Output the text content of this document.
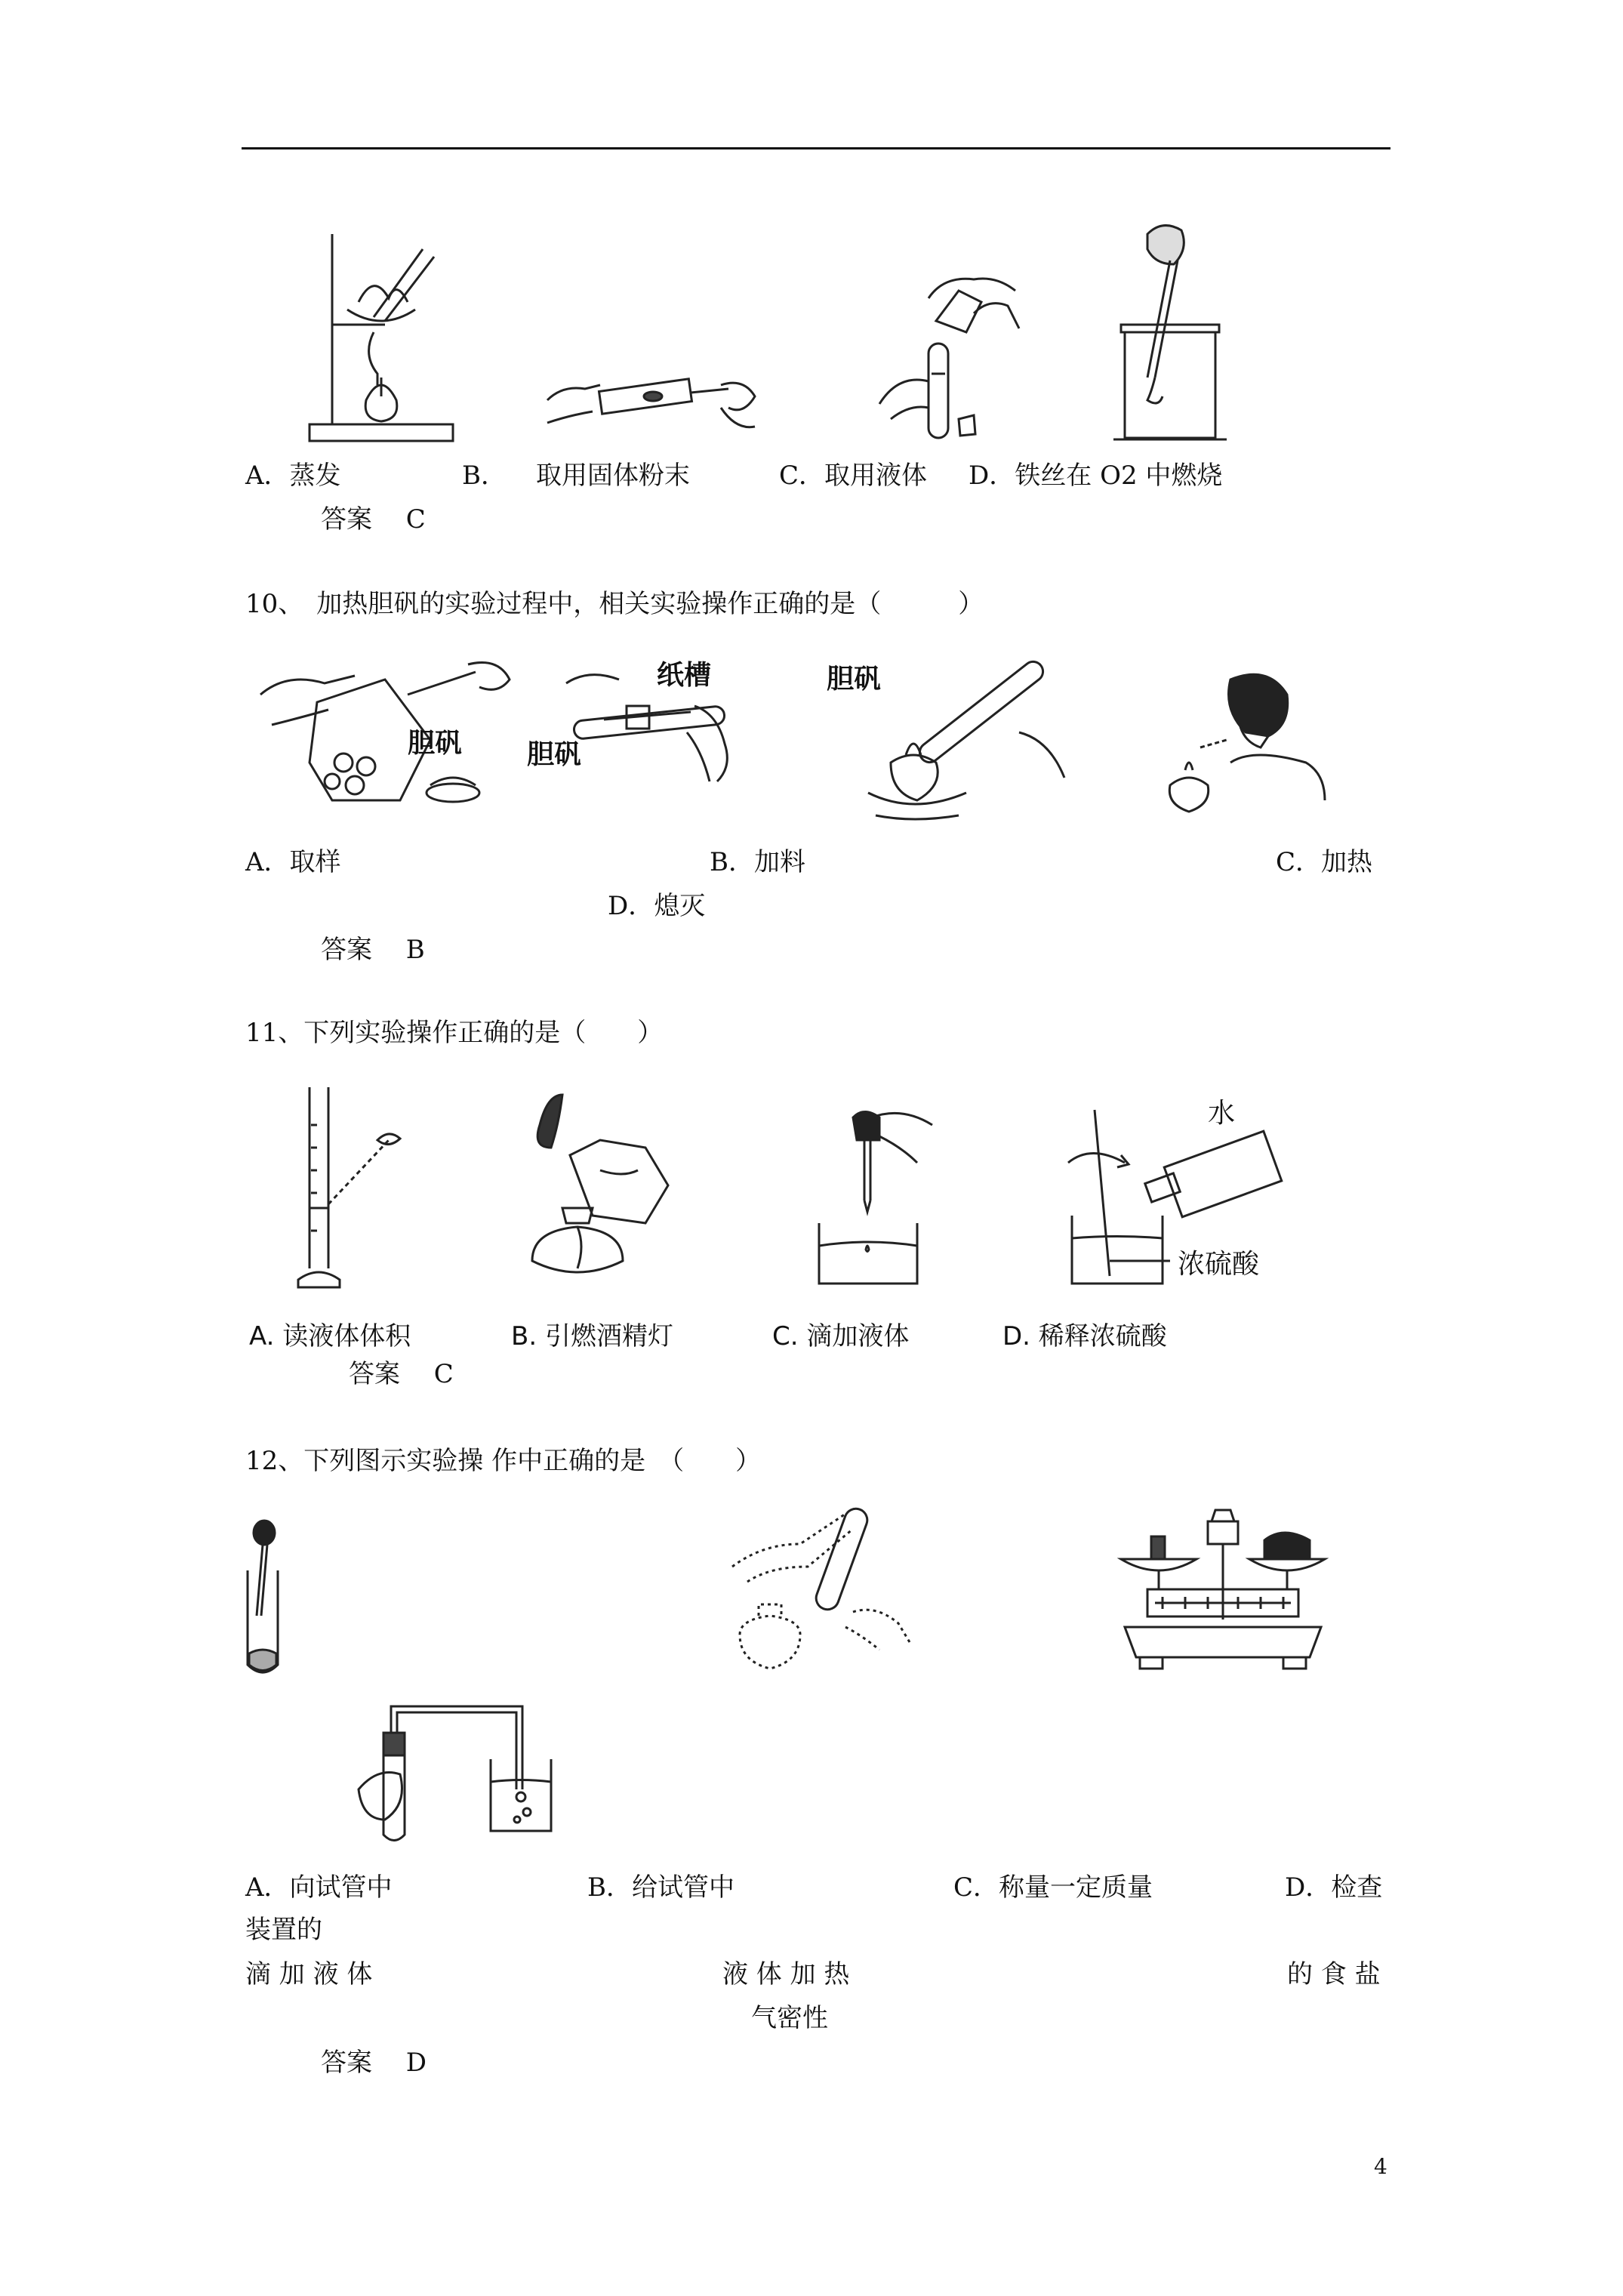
A．蒸发	B． 取用固体粉末	C．取用液体 D．铁丝在 O2 中燃烧
答案　 C
10、　加热胆矾的实验过程中，相关实验操作正确的是（　　　）
胆矾
纸槽
胆矾
胆矾
A．取样	B．加料	C．加热
D．熄灭
答案　 B
11、下列实验操作正确的是（　　）
水
浓硫酸
A. 读液体体积	B. 引燃酒精灯	C. 滴加液体	D. 稀释浓硫酸
答案　 C
12、下列图示实验操 作中正确的是　（　　）
A．向试管中	B．给试管中	C．称量一定质量	D．检查
装置的
滴 加 液 体	液 体 加 热	的 食 盐
气密性
答案　 D
4
